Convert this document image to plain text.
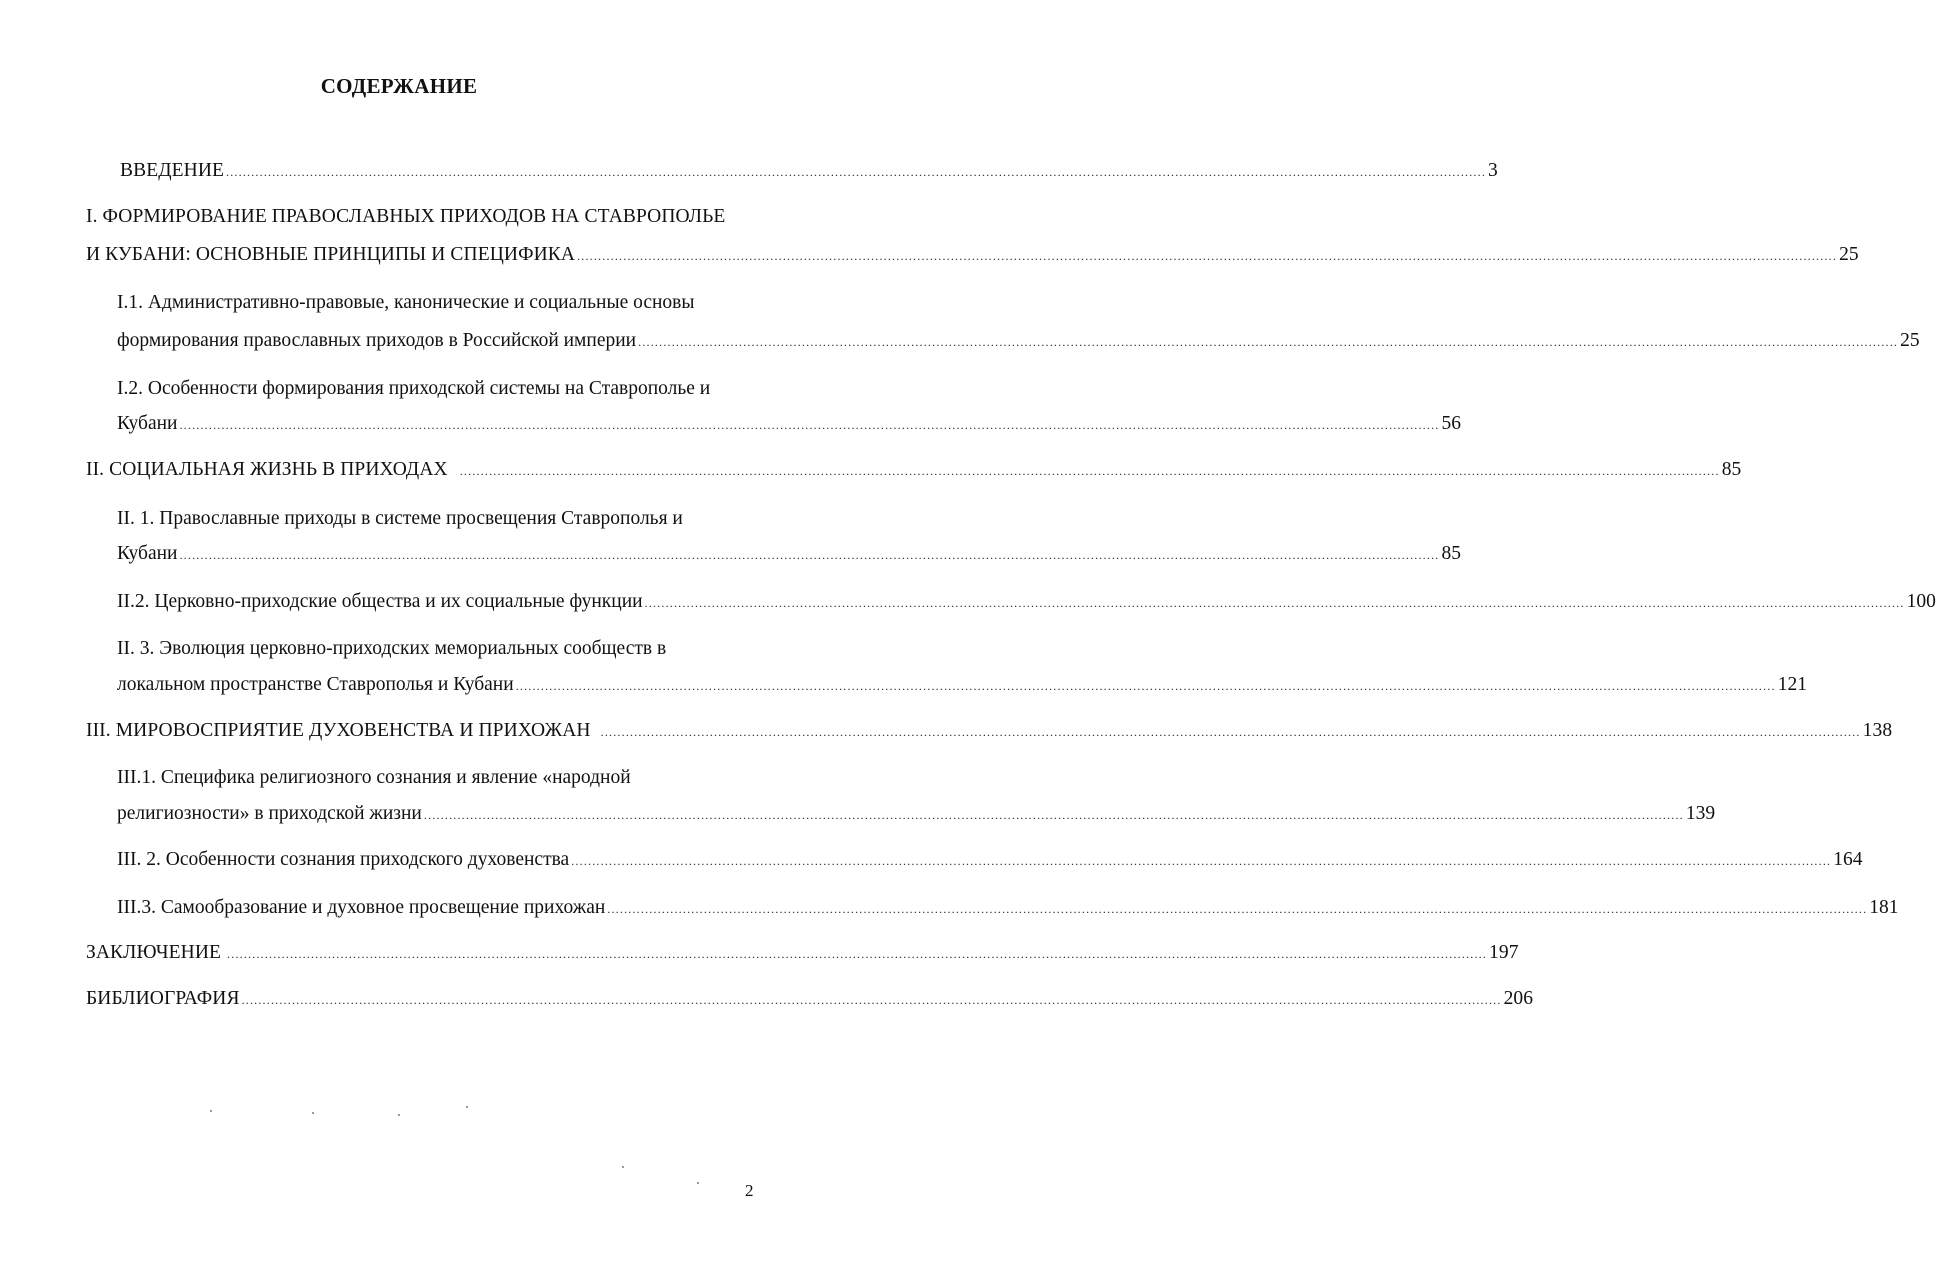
СОДЕРЖАНИЕ
ВВЕДЕНИЕ ............................................................................................................................................................................................................................................................................................................ 3
I. ФОРМИРОВАНИЕ ПРАВОСЛАВНЫХ ПРИХОДОВ НА СТАВРОПОЛЬЕ
И КУБАНИ: ОСНОВНЫЕ ПРИНЦИПЫ И СПЕЦИФИКА ............................................................................................................................................................................................................................................................................................................ 25
I.1. Административно-правовые, канонические и социальные основы
формирования православных приходов в Российской империи ............................................................................................................................................................................................................................................................................................................ 25
I.2. Особенности формирования приходской системы на Ставрополье и
Кубани ............................................................................................................................................................................................................................................................................................................ 56
II. СОЦИАЛЬНАЯ ЖИЗНЬ В ПРИХОДАХ ............................................................................................................................................................................................................................................................................................................ 85
II. 1. Православные приходы в системе просвещения Ставрополья и
Кубани ............................................................................................................................................................................................................................................................................................................ 85
II.2. Церковно-приходские общества и их социальные функции ............................................................................................................................................................................................................................................................................................................ 100
II. 3. Эволюция церковно-приходских мемориальных сообществ в
локальном пространстве Ставрополья и Кубани ............................................................................................................................................................................................................................................................................................................ 121
III. МИРОВОСПРИЯТИЕ ДУХОВЕНСТВА И ПРИХОЖАН ............................................................................................................................................................................................................................................................................................................ 138
III.1. Специфика религиозного сознания и явление «народной
религиозности» в приходской жизни ............................................................................................................................................................................................................................................................................................................ 139
III. 2. Особенности сознания приходского духовенства ............................................................................................................................................................................................................................................................................................................ 164
III.3. Самообразование и духовное просвещение прихожан ............................................................................................................................................................................................................................................................................................................ 181
ЗАКЛЮЧЕНИЕ ............................................................................................................................................................................................................................................................................................................ 197
БИБЛИОГРАФИЯ ............................................................................................................................................................................................................................................................................................................ 206
2
